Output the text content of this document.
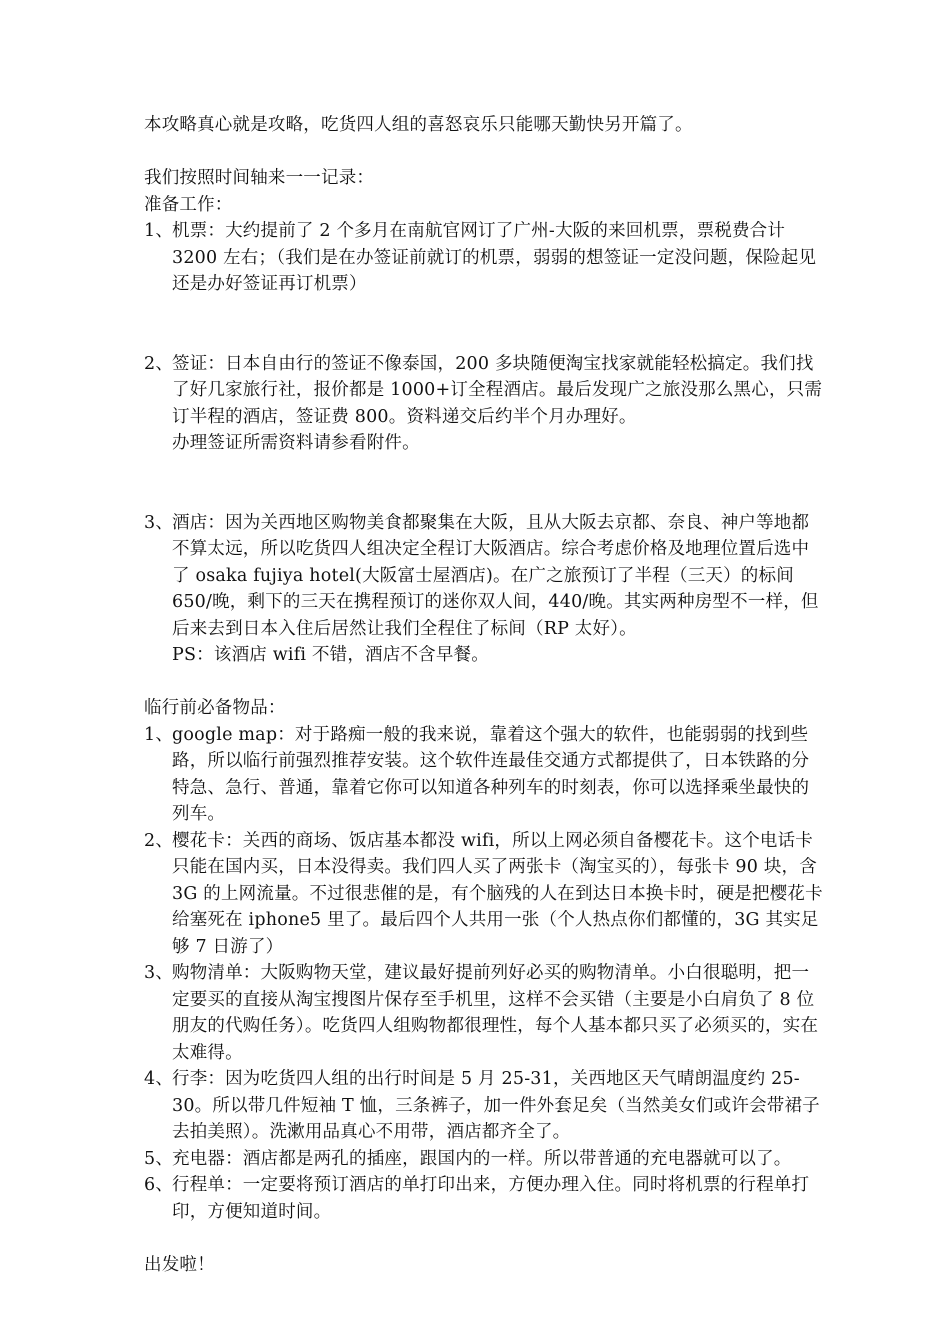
本攻略真心就是攻略，吃货四人组的喜怒哀乐只能哪天勤快另开篇了。

我们按照时间轴来一一记录：

准备工作：

1、
机票：大约提前了 2 个多月在南航官网订了广州-大阪的来回机票，票税费合计 3200 左右；（我们是在办签证前就订的机票，弱弱的想签证一定没问题，保险起见还是办好签证再订机票）
2、
签证：日本自由行的签证不像泰国，200 多块随便淘宝找家就能轻松搞定。我们找了好几家旅行社，报价都是 1000+订全程酒店。最后发现广之旅没那么黑心，只需订半程的酒店，签证费 800。资料递交后约半个月办理好。
办理签证所需资料请参看附件。
3、
酒店：因为关西地区购物美食都聚集在大阪，且从大阪去京都、奈良、神户等地都不算太远，所以吃货四人组决定全程订大阪酒店。综合考虑价格及地理位置后选中了 osaka fujiya hotel(大阪富士屋酒店)。在广之旅预订了半程（三天）的标间 650/晚，剩下的三天在携程预订的迷你双人间，440/晚。其实两种房型不一样，但后来去到日本入住后居然让我们全程住了标间（RP 太好）。
PS：该酒店 wifi 不错，酒店不含早餐。

临行前必备物品：

1、
google map：对于路痴一般的我来说，靠着这个强大的软件，也能弱弱的找到些路，所以临行前强烈推荐安装。这个软件连最佳交通方式都提供了，日本铁路的分特急、急行、普通，靠着它你可以知道各种列车的时刻表，你可以选择乘坐最快的列车。
2、
樱花卡：关西的商场、饭店基本都没 wifi，所以上网必须自备樱花卡。这个电话卡只能在国内买，日本没得卖。我们四人买了两张卡（淘宝买的），每张卡 90 块，含 3G 的上网流量。不过很悲催的是，有个脑残的人在到达日本换卡时，硬是把樱花卡给塞死在 iphone5 里了。最后四个人共用一张（个人热点你们都懂的，3G 其实足够 7 日游了）
3、
购物清单：大阪购物天堂，建议最好提前列好必买的购物清单。小白很聪明，把一定要买的直接从淘宝搜图片保存至手机里，这样不会买错（主要是小白肩负了 8 位朋友的代购任务）。吃货四人组购物都很理性，每个人基本都只买了必须买的，实在太难得。
4、
行李：因为吃货四人组的出行时间是 5 月 25-31，关西地区天气晴朗温度约 25-30。所以带几件短袖 T 恤，三条裤子，加一件外套足矣（当然美女们或许会带裙子去拍美照）。洗漱用品真心不用带，酒店都齐全了。
5、
充电器：酒店都是两孔的插座，跟国内的一样。所以带普通的充电器就可以了。
6、
行程单：一定要将预订酒店的单打印出来，方便办理入住。同时将机票的行程单打印，方便知道时间。

出发啦！
